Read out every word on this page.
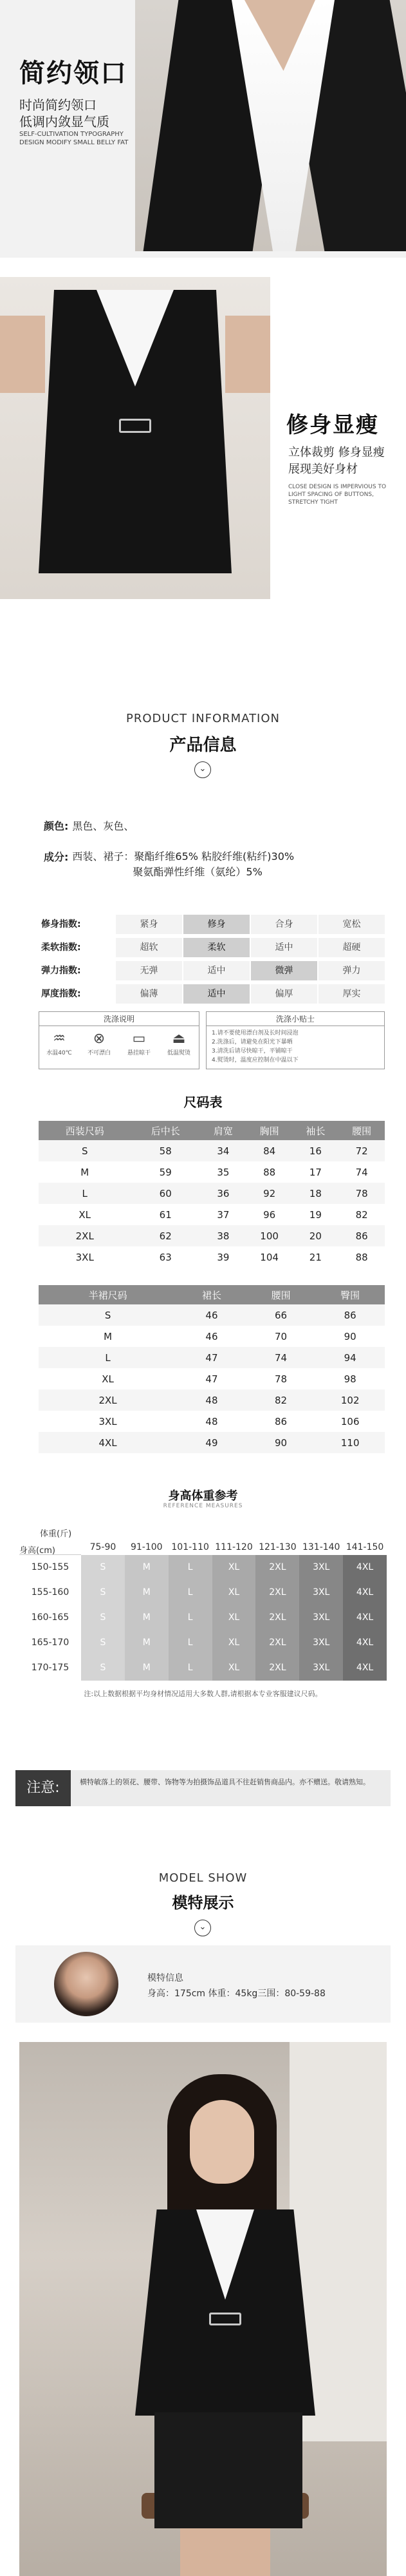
简约领口
时尚简约领口
低调内敛显气质
SELF-CULTIVATION TYPOGRAPHY DESIGN MODIFY SMALL BELLY FAT
修身显瘦
立体裁剪 修身显瘦
展现美好身材
CLOSE DESIGN IS IMPERVIOUS TO LIGHT SPACING OF BUTTONS, STRETCHY TIGHT
PRODUCT INFORMATION
产品信息
⌄
颜色: 黑色、灰色、
成分: 西装、裙子：聚酯纤维65% 粘胶纤维(粘纤)30%
聚氨酯弹性纤维（氨纶）5%
修身指数:	紧身	修身	合身	宽松
柔软指数:	超软	柔软	适中	超硬
弹力指数:	无弹	适中	微弹	弹力
厚度指数:	偏薄	适中	偏厚	厚实
洗涤说明
♒
水温40℃
⊗
不可漂白
▭
悬挂晾干
⏏
低温熨烫
洗涤小贴士
1.请不要使用漂白剂及长时间浸泡
2.洗涤后，请避免在阳光下暴晒
3.清洗后请尽快晾干，平铺晾干
4.熨烫时，温度应控制在中温以下
尺码表
西装尺码	后中长	肩宽	胸围	袖长	腰围
S	58	34	84	16	72
M	59	35	88	17	74
L	60	36	92	18	78
XL	61	37	96	19	82
2XL	62	38	100	20	86
3XL	63	39	104	21	88
半裙尺码	裙长	腰围	臀围
S	46	66	86
M	46	70	90
L	47	74	94
XL	47	78	98
2XL	48	82	102
3XL	48	86	106
4XL	49	90	110
身高体重参考
REFERENCE MEASURES
体重(斤)
身高(cm)	75-90	91-100 101-110 111-120 121-130 131-140 141-150
150-155	S	M	L	XL	2XL	3XL	4XL
155-160	S	M	L	XL	2XL	3XL	4XL
160-165	S	M	L	XL	2XL	3XL	4XL
165-170	S	M	L	XL	2XL	3XL	4XL
170-175	S	M	L	XL	2XL	3XL	4XL
注:以上数据根据平均身材情况适用大多数人群,请根据本专业客服建议尺码。
注意:	横特敏落上的领花、腰带、饰物等为拍摄饰品道具不往赶销售商品内。亦不赠送。敬请熟知。
MODEL SHOW
模特展示
⌄
模特信息
身高：175cm 体重：45kg三围：80-59-88
